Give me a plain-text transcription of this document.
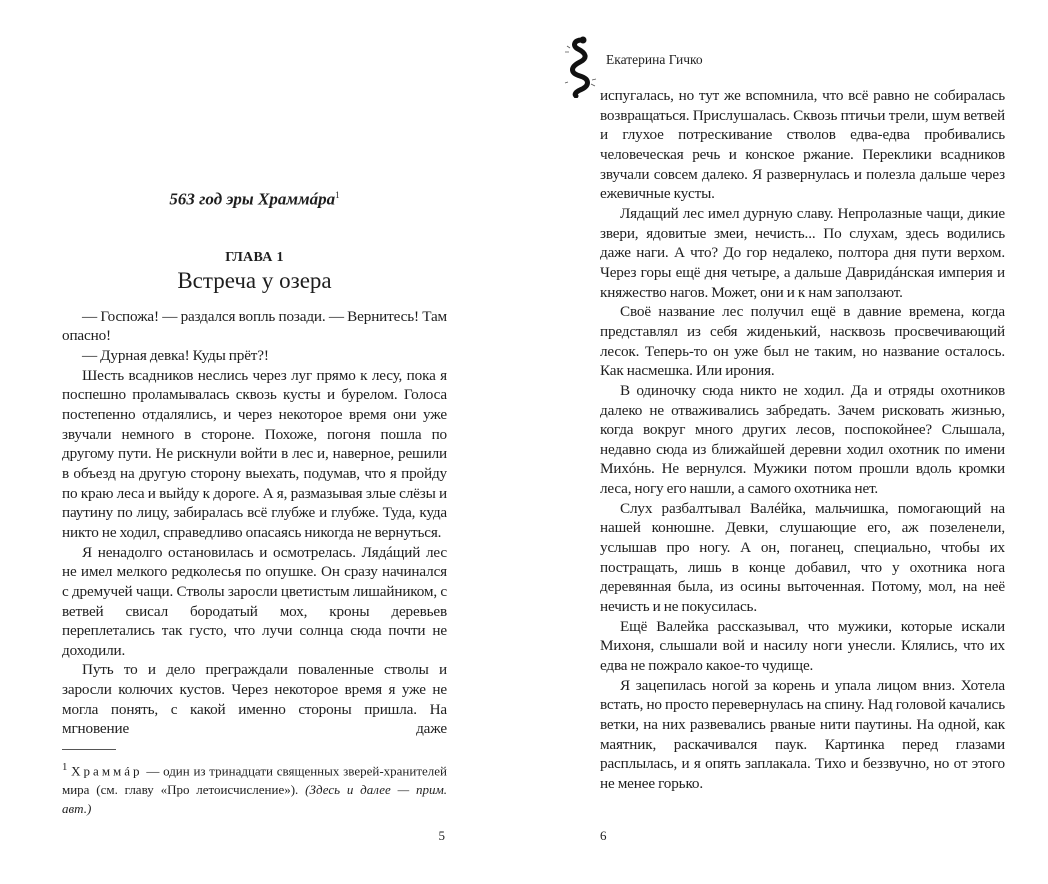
563 год эры Храммáра$^1$
ГЛАВА 1
Встреча у озера

— Госпожа! — раздался вопль позади. — Вернитесь! Там опасно!

— Дурная девка! Куды прёт?!

Шесть всадников неслись через луг прямо к лесу, пока я поспешно проламывалась сквозь кусты и бурелом. Голоса постепенно отдалялись, и через некоторое время они уже звучали немного в стороне. Похоже, погоня пошла по другому пути. Не рискнули войти в лес и, наверное, решили в объезд на другую сторону выехать, подумав, что я пройду по краю леса и выйду к дороге. А я, размазывая злые слёзы и паутину по лицу, забиралась всё глубже и глубже. Туда, куда никто не ходил, справедливо опасаясь никогда не вернуться.

Я ненадолго остановилась и осмотрелась. Лядáщий лес не имел мелкого редколесья по опушке. Он сразу начинался с дремучей чащи. Стволы заросли цветистым лишайником, с ветвей свисал бородатый мох, кроны деревьев переплетались так густо, что лучи солнца сюда почти не доходили.

Путь то и дело преграждали поваленные стволы и заросли колючих кустов. Через некоторое время я уже не могла понять, с какой именно стороны пришла. На мгновение даже

$^1$ Храммáр — один из тринадцати священных зверей-хранителей мира (см. главу «Про летоисчисление»). (Здесь и далее — прим. авт.)
5
Екатерина Гичко

испугалась, но тут же вспомнила, что всё равно не собиралась возвращаться. Прислушалась. Сквозь птичьи трели, шум ветвей и глухое потрескивание стволов едва-едва пробивались человеческая речь и конское ржание. Переклики всадников звучали совсем далеко. Я развернулась и полезла дальше через ежевичные кусты.

Лядащий лес имел дурную славу. Непролазные чащи, дикие звери, ядовитые змеи, нечисть... По слухам, здесь водились даже наги. А что? До гор недалеко, полтора дня пути верхом. Через горы ещё дня четыре, а дальше Давридáнская империя и княжество нагов. Может, они и к нам заползают.

Своё название лес получил ещё в давние времена, когда представлял из себя жиденький, насквозь просвечивающий лесок. Теперь-то он уже был не таким, но название осталось. Как насмешка. Или ирония.

В одиночку сюда никто не ходил. Да и отряды охотников далеко не отваживались забредать. Зачем рисковать жизнью, когда вокруг много других лесов, поспокойнее? Слышала, недавно сюда из ближайшей деревни ходил охотник по имени Михóнь. Не вернулся. Мужики потом прошли вдоль кромки леса, ногу его нашли, а самого охотника нет.

Слух разбалтывал Валéйка, мальчишка, помогающий на нашей конюшне. Девки, слушающие его, аж позеленели, услышав про ногу. А он, поганец, специально, чтобы их постращать, лишь в конце добавил, что у охотника нога деревянная была, из осины выточенная. Потому, мол, на неё нечисть и не покусилась.

Ещё Валейка рассказывал, что мужики, которые искали Михоня, слышали вой и насилу ноги унесли. Клялись, что их едва не пожрало какое-то чудище.

Я зацепилась ногой за корень и упала лицом вниз. Хотела встать, но просто перевернулась на спину. Над головой качались ветки, на них развевались рваные нити паутины. На одной, как маятник, раскачивался паук. Картинка перед глазами расплылась, и я опять заплакала. Тихо и беззвучно, но от этого не менее горько.

6
